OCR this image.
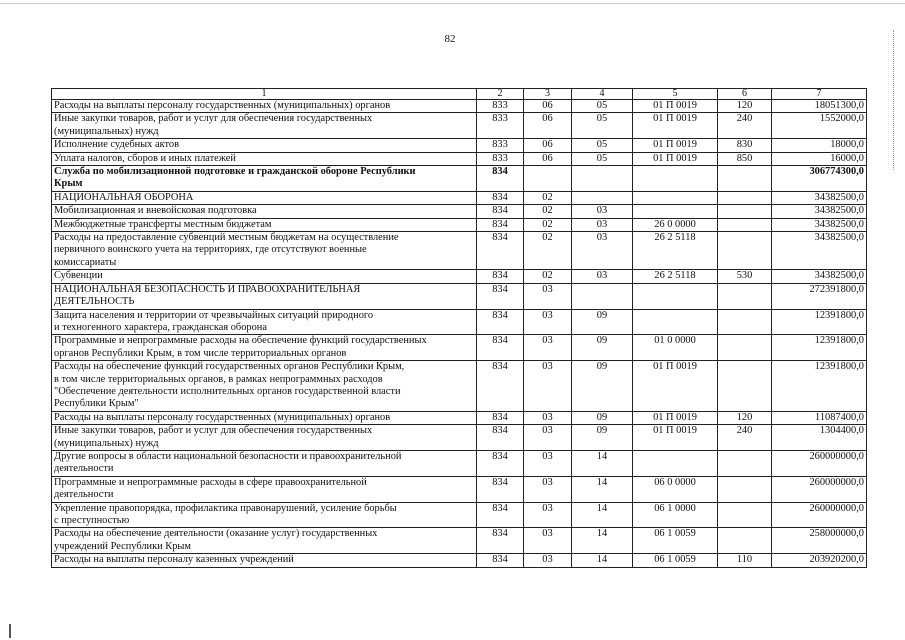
82
1	2	3	4	5	6	7
Расходы на выплаты персоналу государственных (муниципальных) органов	833	06	05	01 П 0019	120	18051300,0
Иные закупки товаров, работ и услуг для обеспечения государственных
(муниципальных) нужд	833	06	05	01 П 0019	240	1552000,0
Исполнение судебных актов	833	06	05	01 П 0019	830	18000,0
Уплата налогов, сборов и иных платежей	833	06	05	01 П 0019	850	16000,0
Служба по мобилизационной подготовке и гражданской обороне Республики
Крым	834					306774300,0
НАЦИОНАЛЬНАЯ ОБОРОНА	834	02				34382500,0
Мобилизационная и вневойсковая подготовка	834	02	03			34382500,0
Межбюджетные трансферты местным бюджетам	834	02	03	26 0 0000		34382500,0
Расходы на предоставление субвенций местным бюджетам на осуществление
первичного воинского учета на территориях, где отсутствуют военные
комиссариаты	834	02	03	26 2 5118		34382500,0
Субвенции	834	02	03	26 2 5118	530	34382500,0
НАЦИОНАЛЬНАЯ БЕЗОПАСНОСТЬ И ПРАВООХРАНИТЕЛЬНАЯ
ДЕЯТЕЛЬНОСТЬ	834	03				272391800,0
Защита населения и территории от чрезвычайных ситуаций природного
и техногенного характера, гражданская оборона	834	03	09			12391800,0
Программные и непрограммные расходы на обеспечение функций государственных
органов Республики Крым, в том числе территориальных органов	834	03	09	01 0 0000		12391800,0
Расходы на обеспечение функций государственных органов Республики Крым,
в том числе территориальных органов, в рамках непрограммных расходов
"Обеспечение деятельности исполнительных органов государственной власти
Республики Крым"	834	03	09	01 П 0019		12391800,0
Расходы на выплаты персоналу государственных (муниципальных) органов	834	03	09	01 П 0019	120	11087400,0
Иные закупки товаров, работ и услуг для обеспечения государственных
(муниципальных) нужд	834	03	09	01 П 0019	240	1304400,0
Другие вопросы в области национальной безопасности и правоохранительной
деятельности	834	03	14			260000000,0
Программные и непрограммные расходы в сфере правоохранительной
деятельности	834	03	14	06 0 0000		260000000,0
Укрепление правопорядка, профилактика правонарушений, усиление борьбы
с преступностью	834	03	14	06 1 0000		260000000,0
Расходы на обеспечение деятельности (оказание услуг) государственных
учреждений Республики Крым	834	03	14	06 1 0059		258000000,0
Расходы на выплаты персоналу казенных учреждений	834	03	14	06 1 0059	110	203920200,0
